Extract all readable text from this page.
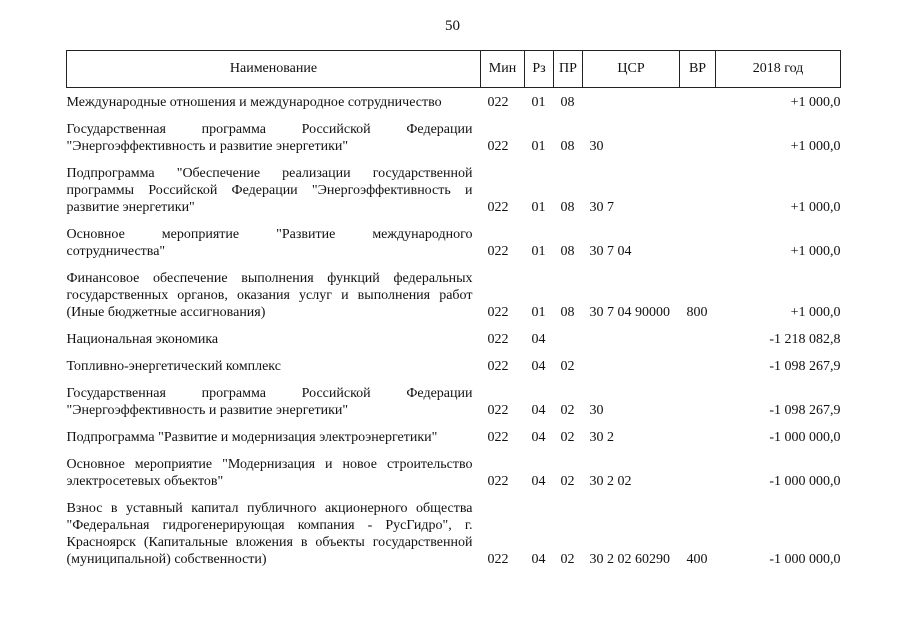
50
Наименование	Мин	Рз	ПР	ЦСР	ВР	2018 год
Международные отношения и международное сотрудничество	022	01	08			+1 000,0
Государственная программа Российской Федерации "Энергоэффективность и развитие энергетики"	022	01	08	30		+1 000,0
Подпрограмма "Обеспечение реализации государственной программы Российской Федерации "Энергоэффективность и развитие энергетики"	022	01	08	30 7		+1 000,0
Основное мероприятие "Развитие международного сотрудничества"	022	01	08	30 7 04		+1 000,0
Финансовое обеспечение выполнения функций федеральных государственных органов, оказания услуг и выполнения работ (Иные бюджетные ассигнования)	022	01	08	30 7 04 90000	800	+1 000,0
Национальная экономика	022	04				-1 218 082,8
Топливно-энергетический комплекс	022	04	02			-1 098 267,9
Государственная программа Российской Федерации "Энергоэффективность и развитие энергетики"	022	04	02	30		-1 098 267,9
Подпрограмма "Развитие и модернизация электроэнергетики"	022	04	02	30 2		-1 000 000,0
Основное мероприятие "Модернизация и новое строительство электросетевых объектов"	022	04	02	30 2 02		-1 000 000,0
Взнос в уставный капитал публичного акционерного общества "Федеральная гидрогенерирующая компания - РусГидро", г. Красноярск (Капитальные вложения в объекты государственной (муниципальной) собственности)	022	04	02	30 2 02 60290	400	-1 000 000,0
